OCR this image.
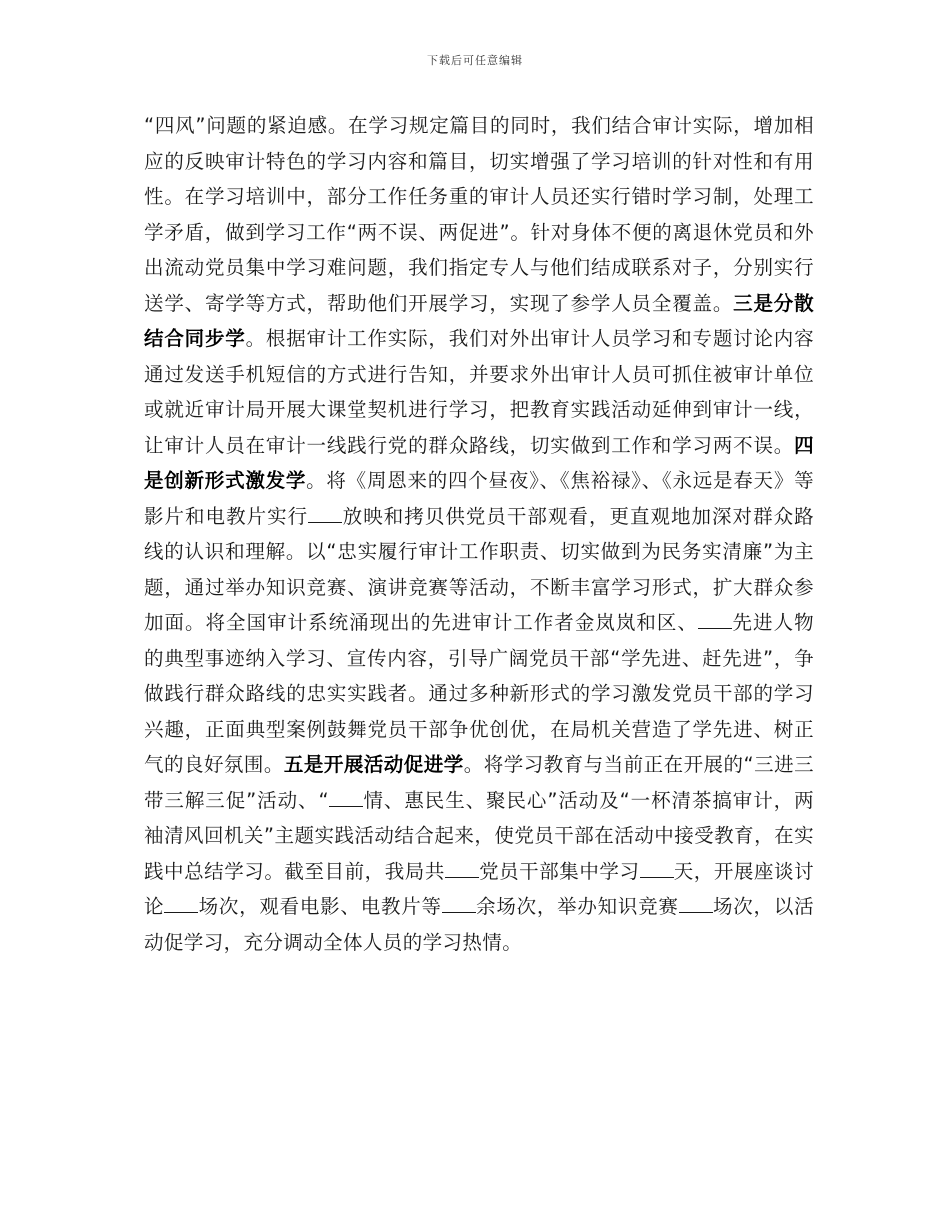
下载后可任意编辑

“四风”问题的紧迫感。在学习规定篇目的同时，我们结合审计实际，增加相应的反映审计特色的学习内容和篇目，切实增强了学习培训的针对性和有用性。在学习培训中，部分工作任务重的审计人员还实行错时学习制，处理工学矛盾，做到学习工作“两不误、两促进”。针对身体不便的离退休党员和外出流动党员集中学习难问题，我们指定专人与他们结成联系对子，分别实行送学、寄学等方式，帮助他们开展学习，实现了参学人员全覆盖。三是分散结合同步学。根据审计工作实际，我们对外出审计人员学习和专题讨论内容通过发送手机短信的方式进行告知，并要求外出审计人员可抓住被审计单位或就近审计局开展大课堂契机进行学习，把教育实践活动延伸到审计一线，让审计人员在审计一线践行党的群众路线，切实做到工作和学习两不误。四是创新形式激发学。将《周恩来的四个昼夜》、《焦裕禄》、《永远是春天》等影片和电教片实行 放映和拷贝供党员干部观看，更直观地加深对群众路线的认识和理解。以“忠实履行审计工作职责、切实做到为民务实清廉”为主题，通过举办知识竞赛、演讲竞赛等活动，不断丰富学习形式，扩大群众参加面。将全国审计系统涌现出的先进审计工作者金岚岚和区、 先进人物的典型事迹纳入学习、宣传内容，引导广阔党员干部“学先进、赶先进”，争做践行群众路线的忠实实践者。通过多种新形式的学习激发党员干部的学习兴趣，正面典型案例鼓舞党员干部争优创优，在局机关营造了学先进、树正气的良好氛围。五是开展活动促进学。将学习教育与当前正在开展的“三进三带三解三促”活动、“ 情、惠民生、聚民心”活动及“一杯清茶搞审计，两袖清风回机关”主题实践活动结合起来，使党员干部在活动中接受教育，在实践中总结学习。截至目前，我局共 党员干部集中学习 天，开展座谈讨论 场次，观看电影、电教片等 余场次，举办知识竞赛 场次，以活动促学习，充分调动全体人员的学习热情。
